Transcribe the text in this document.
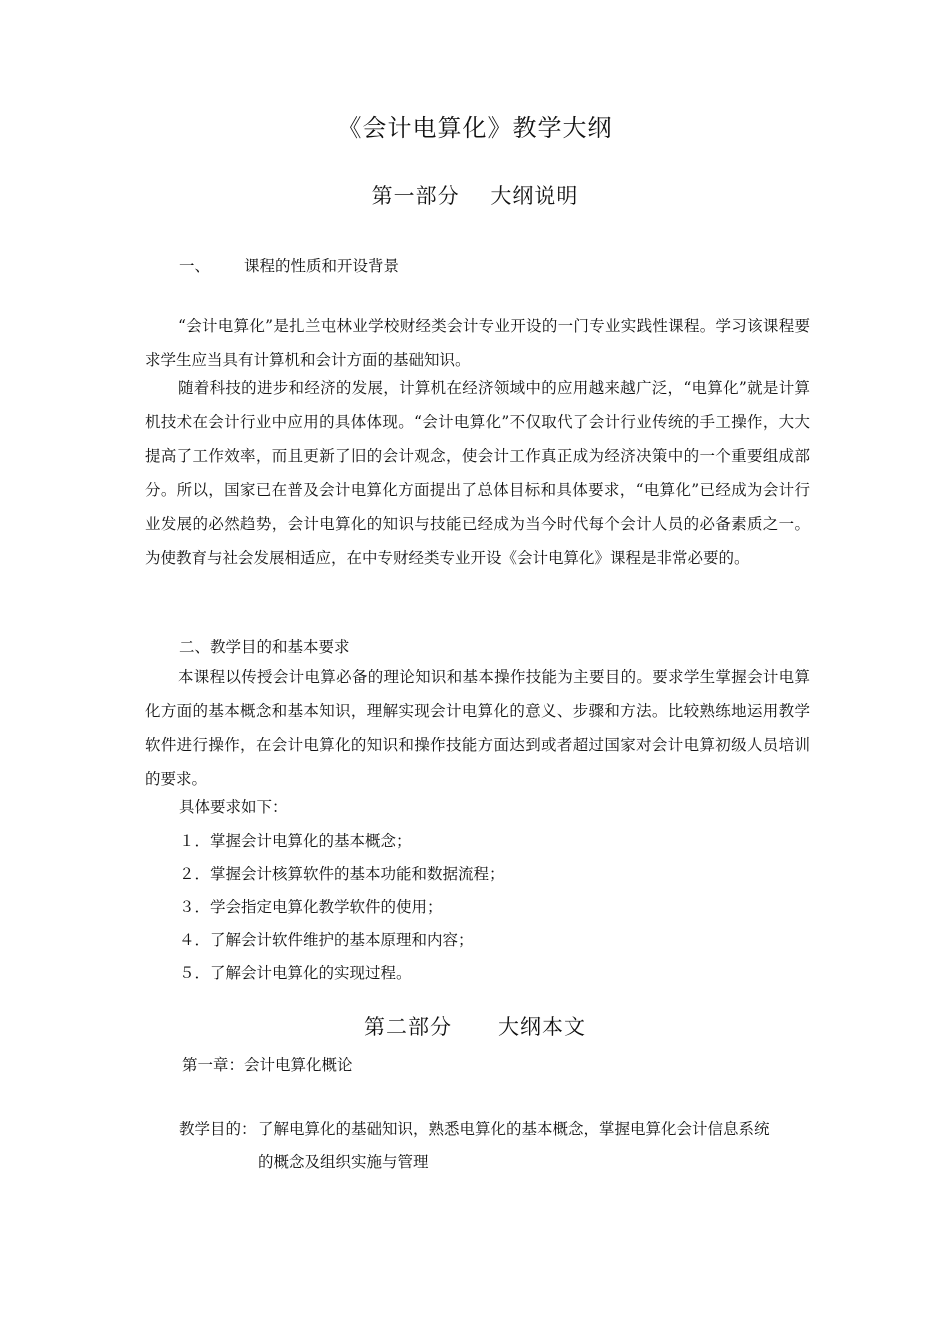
《会计电算化》教学大纲
第一部分    大纲说明
一、 课程的性质和开设背景
“会计电算化”是扎兰屯林业学校财经类会计专业开设的一门专业实践性课程。学习该课程要求学生应当具有计算机和会计方面的基础知识。
随着科技的进步和经济的发展，计算机在经济领域中的应用越来越广泛，“电算化”就是计算机技术在会计行业中应用的具体体现。“会计电算化”不仅取代了会计行业传统的手工操作，大大提高了工作效率，而且更新了旧的会计观念，使会计工作真正成为经济决策中的一个重要组成部分。所以，国家已在普及会计电算化方面提出了总体目标和具体要求，“电算化”已经成为会计行业发展的必然趋势，会计电算化的知识与技能已经成为当今时代每个会计人员的必备素质之一。为使教育与社会发展相适应，在中专财经类专业开设《会计电算化》课程是非常必要的。
二、教学目的和基本要求
本课程以传授会计电算必备的理论知识和基本操作技能为主要目的。要求学生掌握会计电算化方面的基本概念和基本知识，理解实现会计电算化的意义、步骤和方法。比较熟练地运用教学软件进行操作，在会计电算化的知识和操作技能方面达到或者超过国家对会计电算初级人员培训的要求。
具体要求如下：
１．掌握会计电算化的基本概念；
２．掌握会计核算软件的基本功能和数据流程；
３．学会指定电算化教学软件的使用；
４．了解会计软件维护的基本原理和内容；
５．了解会计电算化的实现过程。
第二部分      大纲本文
第一章：会计电算化概论
教学目的： 了解电算化的基础知识，熟悉电算化的基本概念，掌握电算化会计信息系统
的概念及组织实施与管理
